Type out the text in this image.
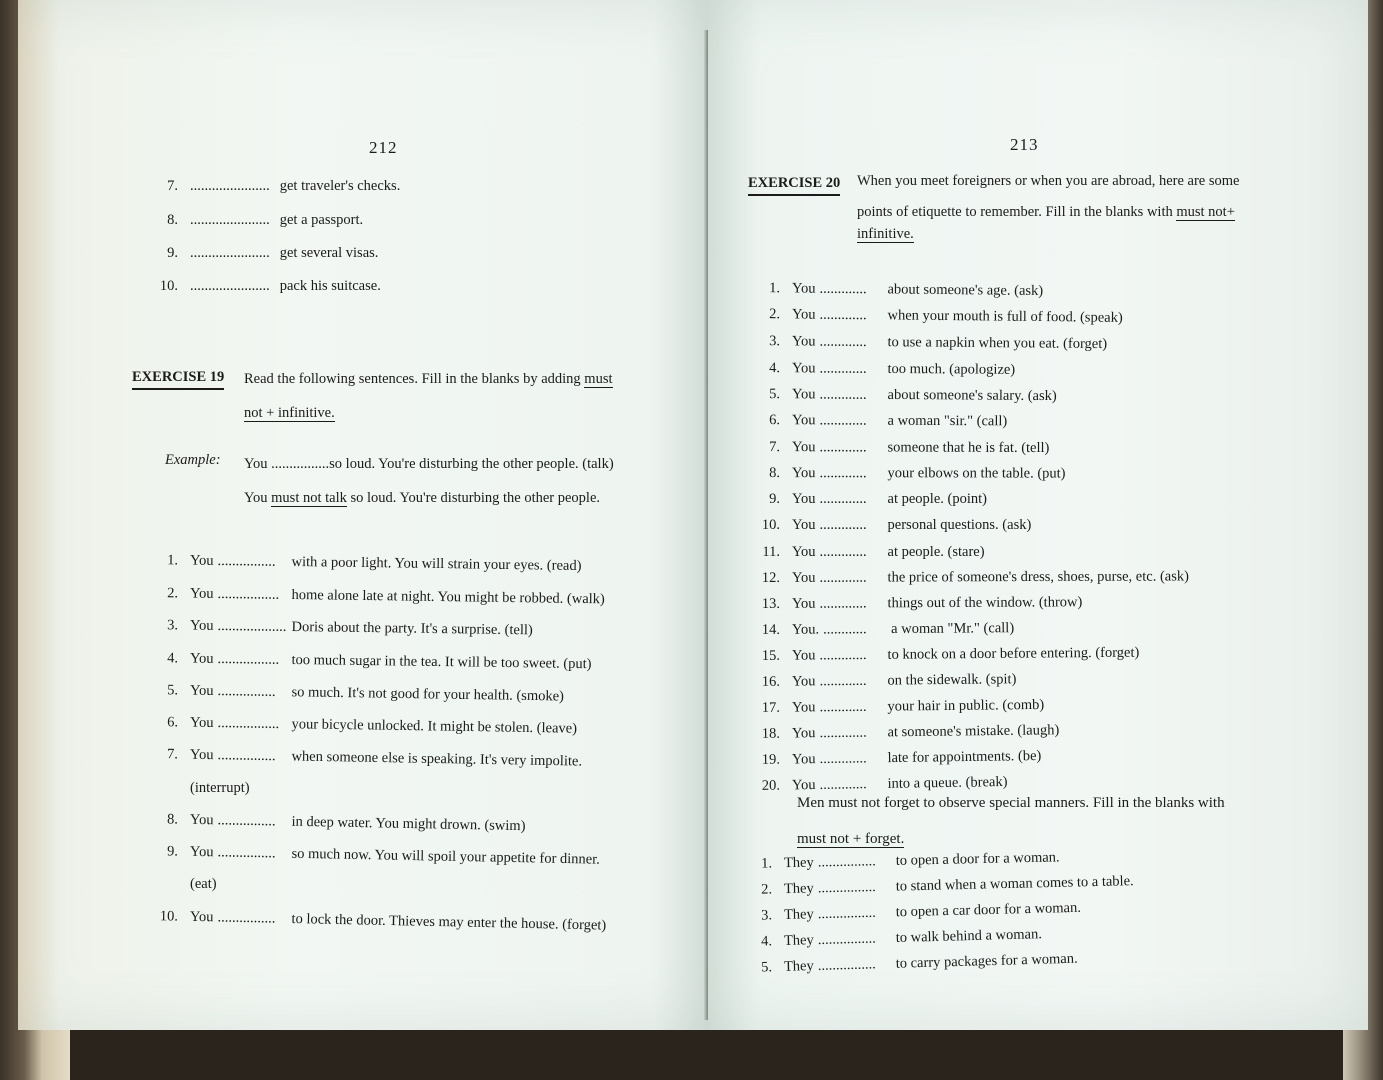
212
7. ...................... get traveler's checks.
8. ...................... get a passport.
9. ...................... get several visas.
10. ...................... pack his suitcase.
EXERCISE 19 Read the following sentences. Fill in the blanks by adding must
not + infinitive.
Example: You ................so loud. You're disturbing the other people. (talk)
You must not talk so loud. You're disturbing the other people.
1. You ................ with a poor light. You will strain your eyes. (read)
2. You ................. home alone late at night. You might be robbed. (walk)
3. You ................... Doris about the party. It's a surprise. (tell)
4. You ................. too much sugar in the tea. It will be too sweet. (put)
5. You ................ so much. It's not good for your health. (smoke)
6. You ................. your bicycle unlocked. It might be stolen. (leave)
7. You ................ when someone else is speaking. It's very impolite.
(interrupt)
8. You ................ in deep water. You might drown. (swim)
9. You ................ so much now. You will spoil your appetite for dinner.
(eat)
10. You ................ to lock the door. Thieves may enter the house. (forget)
213
EXERCISE 20 When you meet foreigners or when you are abroad, here are some
points of etiquette to remember. Fill in the blanks with must not+
infinitive.
1. You ............. about someone's age. (ask)
2. You ............. when your mouth is full of food. (speak)
3. You ............. to use a napkin when you eat. (forget)
4. You ............. too much. (apologize)
5. You ............. about someone's salary. (ask)
6. You ............. a woman "sir." (call)
7. You ............. someone that he is fat. (tell)
8. You ............. your elbows on the table. (put)
9. You ............. at people. (point)
10. You ............. personal questions. (ask)
11. You ............. at people. (stare)
12. You ............. the price of someone's dress, shoes, purse, etc. (ask)
13. You ............. things out of the window. (throw)
14. You. ............ a woman "Mr." (call)
15. You ............. to knock on a door before entering. (forget)
16. You ............. on the sidewalk. (spit)
17. You ............. your hair in public. (comb)
18. You ............. at someone's mistake. (laugh)
19. You ............. late for appointments. (be)
20. You ............. into a queue. (break)
Men must not forget to observe special manners. Fill in the blanks with
must not + forget.
1. They ................ to open a door for a woman.
2. They ................ to stand when a woman comes to a table.
3. They ................ to open a car door for a woman.
4. They ................ to walk behind a woman.
5. They ................ to carry packages for a woman.
